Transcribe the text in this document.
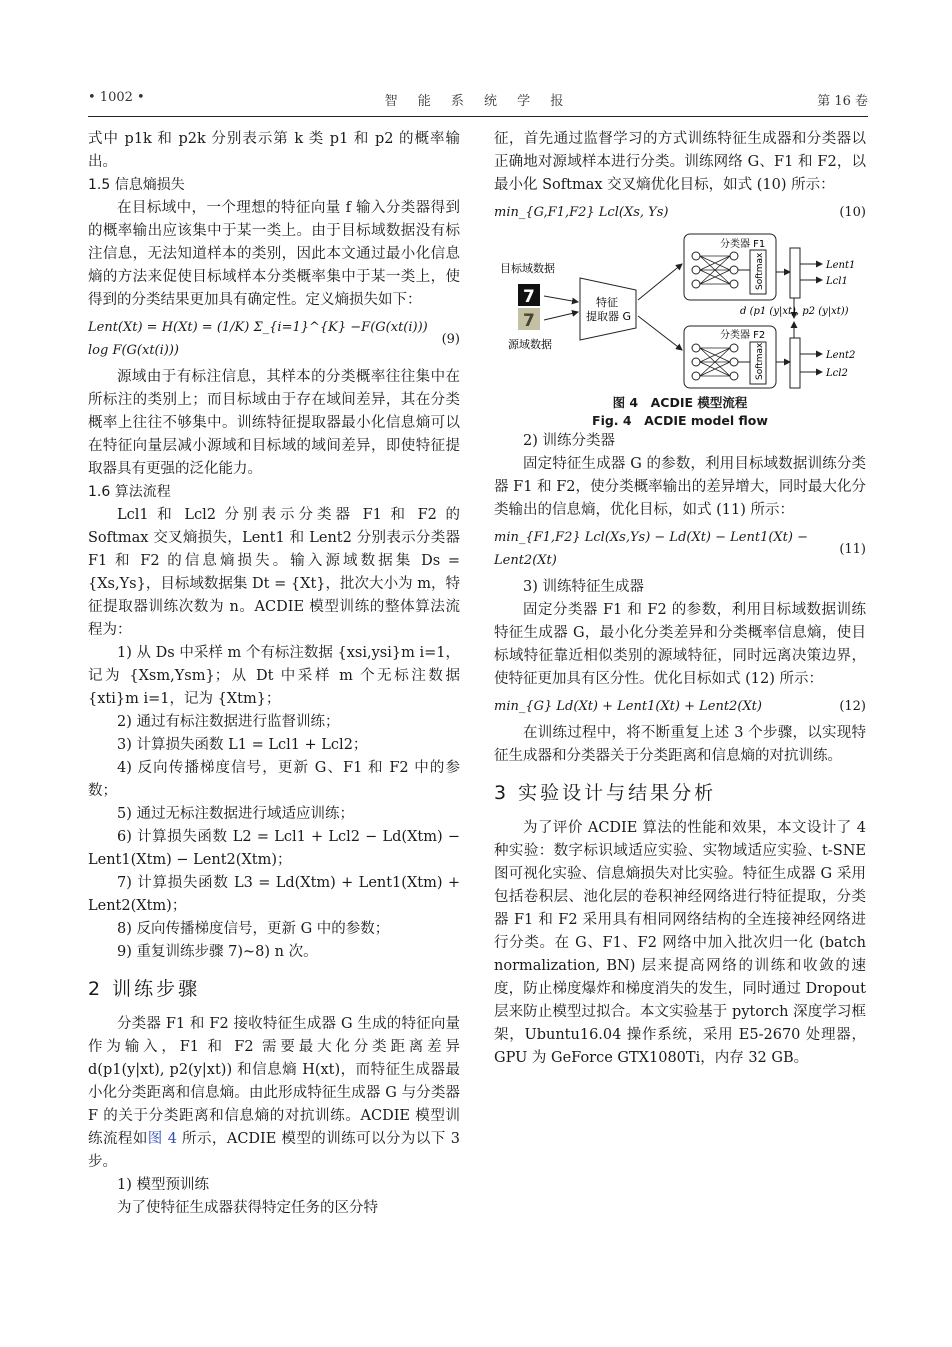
智 能 系 统 学 报
• 1002 •	第 16 卷

式中 p1k 和 p2k 分别表示第 k 类 p1 和 p2 的概率输出。

1.5 信息熵损失

在目标域中，一个理想的特征向量 f 输入分类器得到的概率输出应该集中于某一类上。由于目标域数据没有标注信息，无法知道样本的类别，因此本文通过最小化信息熵的方法来促使目标域样本分类概率集中于某一类上，使得到的分类结果更加具有确定性。定义熵损失如下：

Lent(Xt) = H(Xt) = (1/K) Σ_{i=1}^{K} −F(G(xt(i))) log F(G(xt(i)))
(9)

源域由于有标注信息，其样本的分类概率往往集中在所标注的类别上；而目标域由于存在域间差异，其在分类概率上往往不够集中。训练特征提取器最小化信息熵可以在特征向量层减小源域和目标域的域间差异，即使特征提取器具有更强的泛化能力。

1.6 算法流程

Lcl1 和 Lcl2 分别表示分类器 F1 和 F2 的 Softmax 交叉熵损失，Lent1 和 Lent2 分别表示分类器 F1 和 F2 的信息熵损失。输入源域数据集 Ds = {Xs,Ys}，目标域数据集 Dt = {Xt}，批次大小为 m，特征提取器训练次数为 n。ACDIE 模型训练的整体算法流程为：

1) 从 Ds 中采样 m 个有标注数据 {xsi,ysi}m i=1，记为 {Xsm,Ysm}；从 Dt 中采样 m 个无标注数据 {xti}m i=1，记为 {Xtm}；

2) 通过有标注数据进行监督训练；

3) 计算损失函数 L1 = Lcl1 + Lcl2；

4) 反向传播梯度信号，更新 G、F1 和 F2 中的参数；

5) 通过无标注数据进行域适应训练；

6) 计算损失函数 L2 = Lcl1 + Lcl2 − Ld(Xtm) − Lent1(Xtm) − Lent2(Xtm)；

7) 计算损失函数 L3 = Ld(Xtm) + Lent1(Xtm) + Lent2(Xtm)；

8) 反向传播梯度信号，更新 G 中的参数；

9) 重复训练步骤 7)~8) n 次。

2 训练步骤

分类器 F1 和 F2 接收特征生成器 G 生成的特征向量作为输入，F1 和 F2 需要最大化分类距离差异 d(p1(y|xt), p2(y|xt)) 和信息熵 H(xt)，而特征生成器最小化分类距离和信息熵。由此形成特征生成器 G 与分类器 F 的关于分类距离和信息熵的对抗训练。ACDIE 模型训练流程如图 4 所示，ACDIE 模型的训练可以分为以下 3 步。

1) 模型预训练

为了使特征生成器获得特定任务的区分特

征，首先通过监督学习的方式训练特征生成器和分类器以正确地对源域样本进行分类。训练网络 G、F1 和 F2，以最小化 Softmax 交叉熵优化目标，如式 (10) 所示：

min_{G,F1,F2} Lcl(Xs, Ys)	(10)
目标域数据
7
7
源域数据
特征
提取器 G
分类器 F1
Softmax	Lent1
Lcl1
d (p1 (y|xt), p2 (y|xt))
分类器 F2
Softmax	Lent2
Lcl2
图 4　ACDIE 模型流程
Fig. 4　ACDIE model flow

2) 训练分类器

固定特征生成器 G 的参数，利用目标域数据训练分类器 F1 和 F2，使分类概率输出的差异增大，同时最大化分类输出的信息熵，优化目标，如式 (11) 所示：

min_{F1,F2} Lcl(Xs,Ys) − Ld(Xt) − Lent1(Xt) − Lent2(Xt)
(11)

3) 训练特征生成器

固定分类器 F1 和 F2 的参数，利用目标域数据训练特征生成器 G，最小化分类差异和分类概率信息熵，使目标域特征靠近相似类别的源域特征，同时远离决策边界，使特征更加具有区分性。优化目标如式 (12) 所示：

min_{G} Ld(Xt) + Lent1(Xt) + Lent2(Xt)	(12)

在训练过程中，将不断重复上述 3 个步骤，以实现特征生成器和分类器关于分类距离和信息熵的对抗训练。

3 实验设计与结果分析

为了评价 ACDIE 算法的性能和效果，本文设计了 4 种实验：数字标识域适应实验、实物域适应实验、t-SNE 图可视化实验、信息熵损失对比实验。特征生成器 G 采用包括卷积层、池化层的卷积神经网络进行特征提取，分类器 F1 和 F2 采用具有相同网络结构的全连接神经网络进行分类。在 G、F1、F2 网络中加入批次归一化 (batch normalization, BN) 层来提高网络的训练和收敛的速度，防止梯度爆炸和梯度消失的发生，同时通过 Dropout 层来防止模型过拟合。本文实验基于 pytorch 深度学习框架，Ubuntu16.04 操作系统，采用 E5-2670 处理器，GPU 为 GeForce GTX1080Ti，内存 32 GB。
